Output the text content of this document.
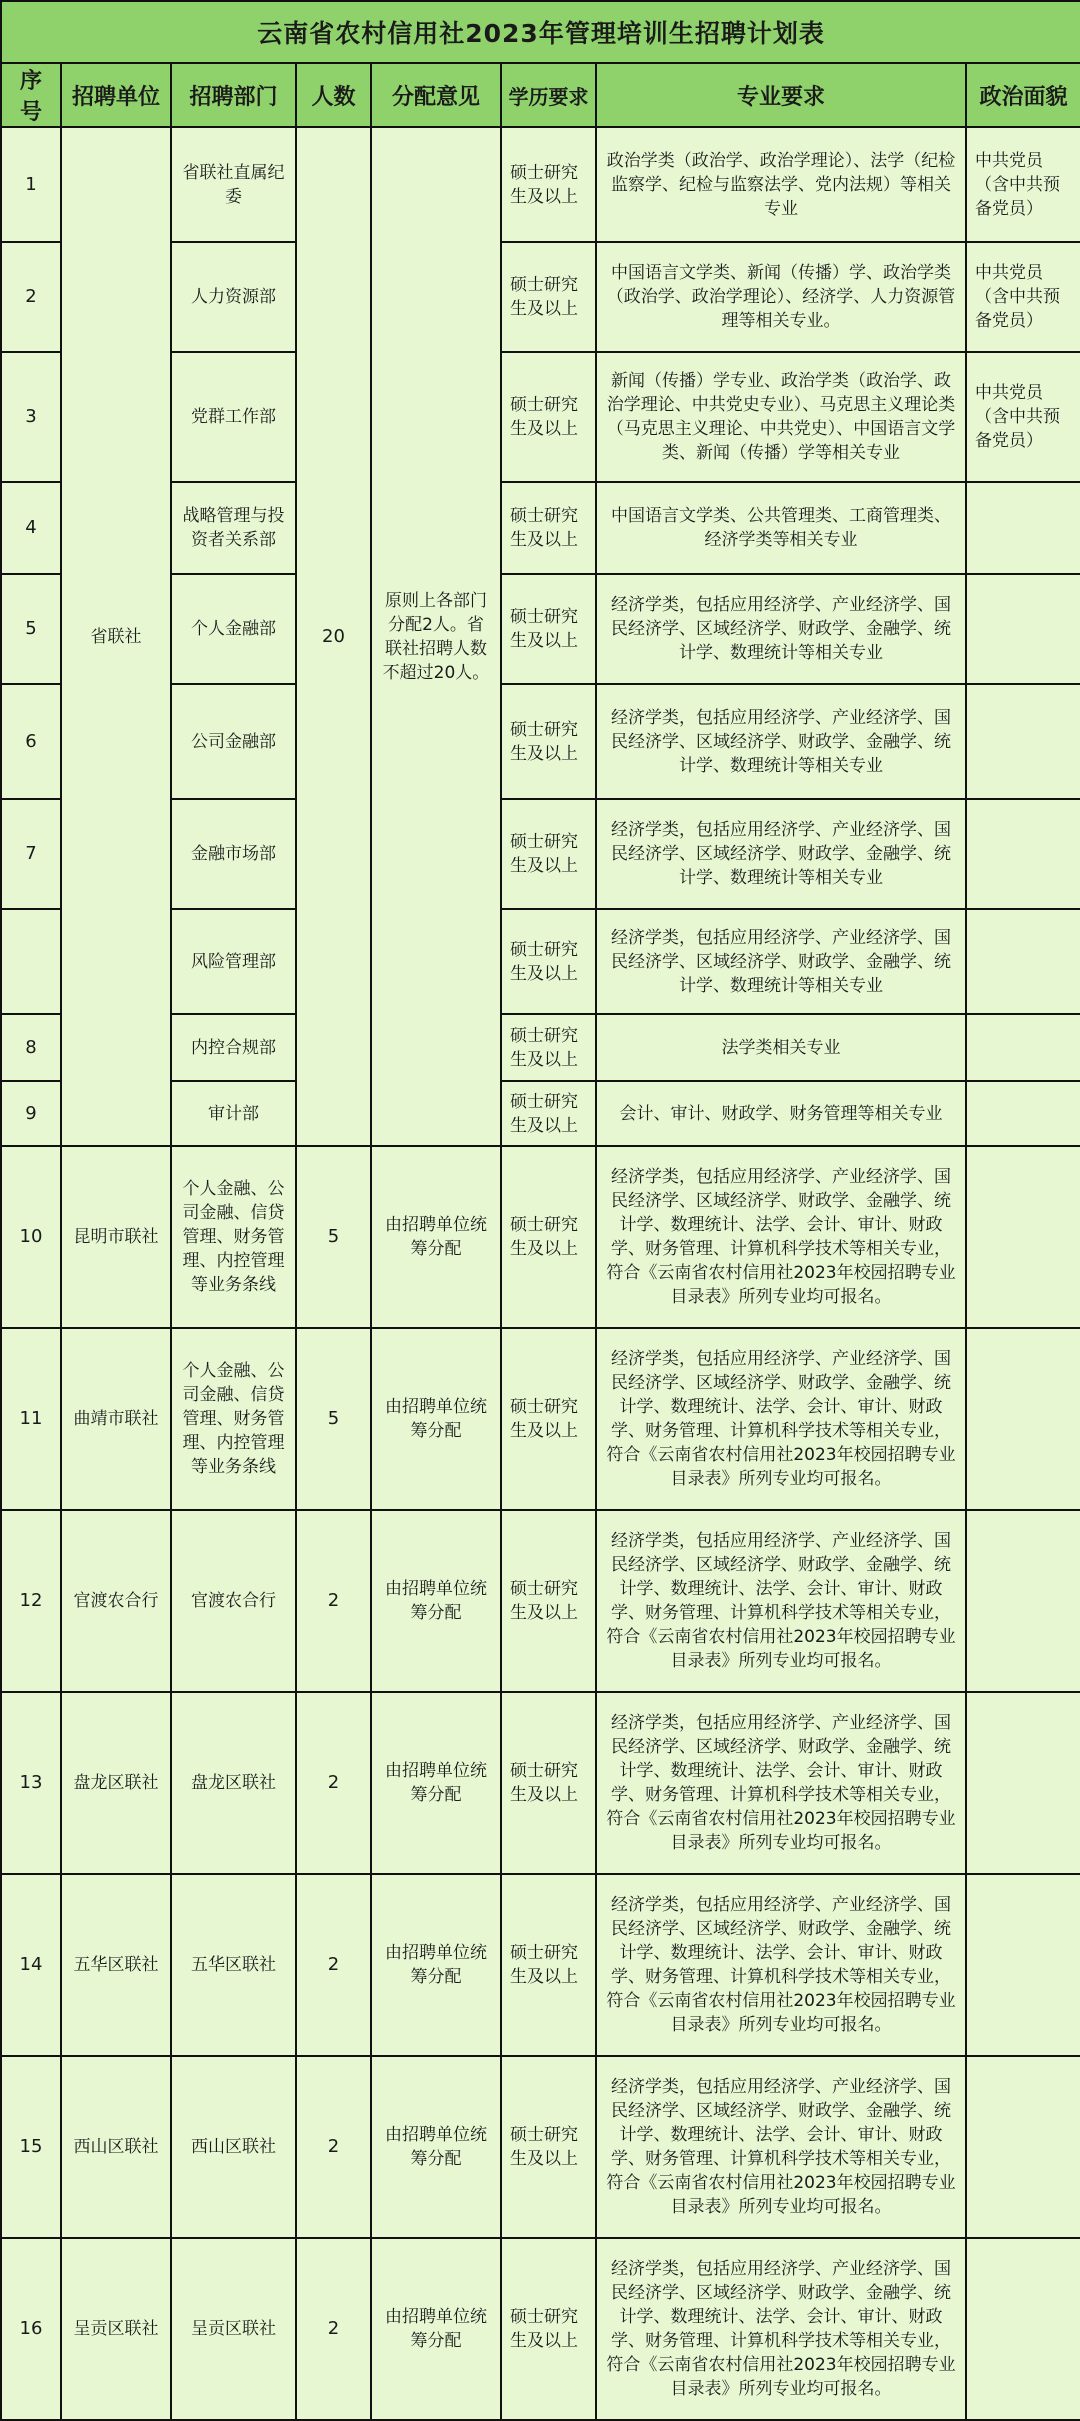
云南省农村信用社2023年管理培训生招聘计划表							
序号	招聘单位	招聘部门	人数	分配意见	学历要求	专业要求	政治面貌
1	省联社	省联社直属纪委	20	原则上各部门分配2人。省联社招聘人数不超过20人。	硕士研究生及以上	政治学类（政治学、政治学理论）、法学（纪检监察学、纪检与监察法学、党内法规）等相关专业	中共党员（含中共预备党员）
2		人力资源部			硕士研究生及以上	中国语言文学类、新闻（传播）学、政治学类（政治学、政治学理论）、经济学、人力资源管理等相关专业。	中共党员（含中共预备党员）
3		党群工作部			硕士研究生及以上	新闻（传播）学专业、政治学类（政治学、政治学理论、中共党史专业）、马克思主义理论类（马克思主义理论、中共党史）、中国语言文学类、新闻（传播）学等相关专业	中共党员（含中共预备党员）
4		战略管理与投资者关系部			硕士研究生及以上	中国语言文学类、公共管理类、工商管理类、经济学类等相关专业	
5		个人金融部			硕士研究生及以上	经济学类，包括应用经济学、产业经济学、国民经济学、区域经济学、财政学、金融学、统计学、数理统计等相关专业	
6		公司金融部			硕士研究生及以上	经济学类，包括应用经济学、产业经济学、国民经济学、区域经济学、财政学、金融学、统计学、数理统计等相关专业	
7		金融市场部			硕士研究生及以上	经济学类，包括应用经济学、产业经济学、国民经济学、区域经济学、财政学、金融学、统计学、数理统计等相关专业	
		风险管理部			硕士研究生及以上	经济学类，包括应用经济学、产业经济学、国民经济学、区域经济学、财政学、金融学、统计学、数理统计等相关专业	
8		内控合规部			硕士研究生及以上	法学类相关专业	
9		审计部			硕士研究生及以上	会计、审计、财政学、财务管理等相关专业	
10	昆明市联社	个人金融、公司金融、信贷管理、财务管理、内控管理等业务条线	5	由招聘单位统筹分配	硕士研究生及以上	经济学类，包括应用经济学、产业经济学、国民经济学、区域经济学、财政学、金融学、统计学、数理统计、法学、会计、审计、财政学、财务管理、计算机科学技术等相关专业，符合《云南省农村信用社2023年校园招聘专业目录表》所列专业均可报名。	
11	曲靖市联社	个人金融、公司金融、信贷管理、财务管理、内控管理等业务条线	5	由招聘单位统筹分配	硕士研究生及以上	经济学类，包括应用经济学、产业经济学、国民经济学、区域经济学、财政学、金融学、统计学、数理统计、法学、会计、审计、财政学、财务管理、计算机科学技术等相关专业，符合《云南省农村信用社2023年校园招聘专业目录表》所列专业均可报名。	
12	官渡农合行	官渡农合行	2	由招聘单位统筹分配	硕士研究生及以上	经济学类，包括应用经济学、产业经济学、国民经济学、区域经济学、财政学、金融学、统计学、数理统计、法学、会计、审计、财政学、财务管理、计算机科学技术等相关专业，符合《云南省农村信用社2023年校园招聘专业目录表》所列专业均可报名。	
13	盘龙区联社	盘龙区联社	2	由招聘单位统筹分配	硕士研究生及以上	经济学类，包括应用经济学、产业经济学、国民经济学、区域经济学、财政学、金融学、统计学、数理统计、法学、会计、审计、财政学、财务管理、计算机科学技术等相关专业，符合《云南省农村信用社2023年校园招聘专业目录表》所列专业均可报名。	
14	五华区联社	五华区联社	2	由招聘单位统筹分配	硕士研究生及以上	经济学类，包括应用经济学、产业经济学、国民经济学、区域经济学、财政学、金融学、统计学、数理统计、法学、会计、审计、财政学、财务管理、计算机科学技术等相关专业，符合《云南省农村信用社2023年校园招聘专业目录表》所列专业均可报名。	
15	西山区联社	西山区联社	2	由招聘单位统筹分配	硕士研究生及以上	经济学类，包括应用经济学、产业经济学、国民经济学、区域经济学、财政学、金融学、统计学、数理统计、法学、会计、审计、财政学、财务管理、计算机科学技术等相关专业，符合《云南省农村信用社2023年校园招聘专业目录表》所列专业均可报名。	
16	呈贡区联社	呈贡区联社	2	由招聘单位统筹分配	硕士研究生及以上	经济学类，包括应用经济学、产业经济学、国民经济学、区域经济学、财政学、金融学、统计学、数理统计、法学、会计、审计、财政学、财务管理、计算机科学技术等相关专业，符合《云南省农村信用社2023年校园招聘专业目录表》所列专业均可报名。	
